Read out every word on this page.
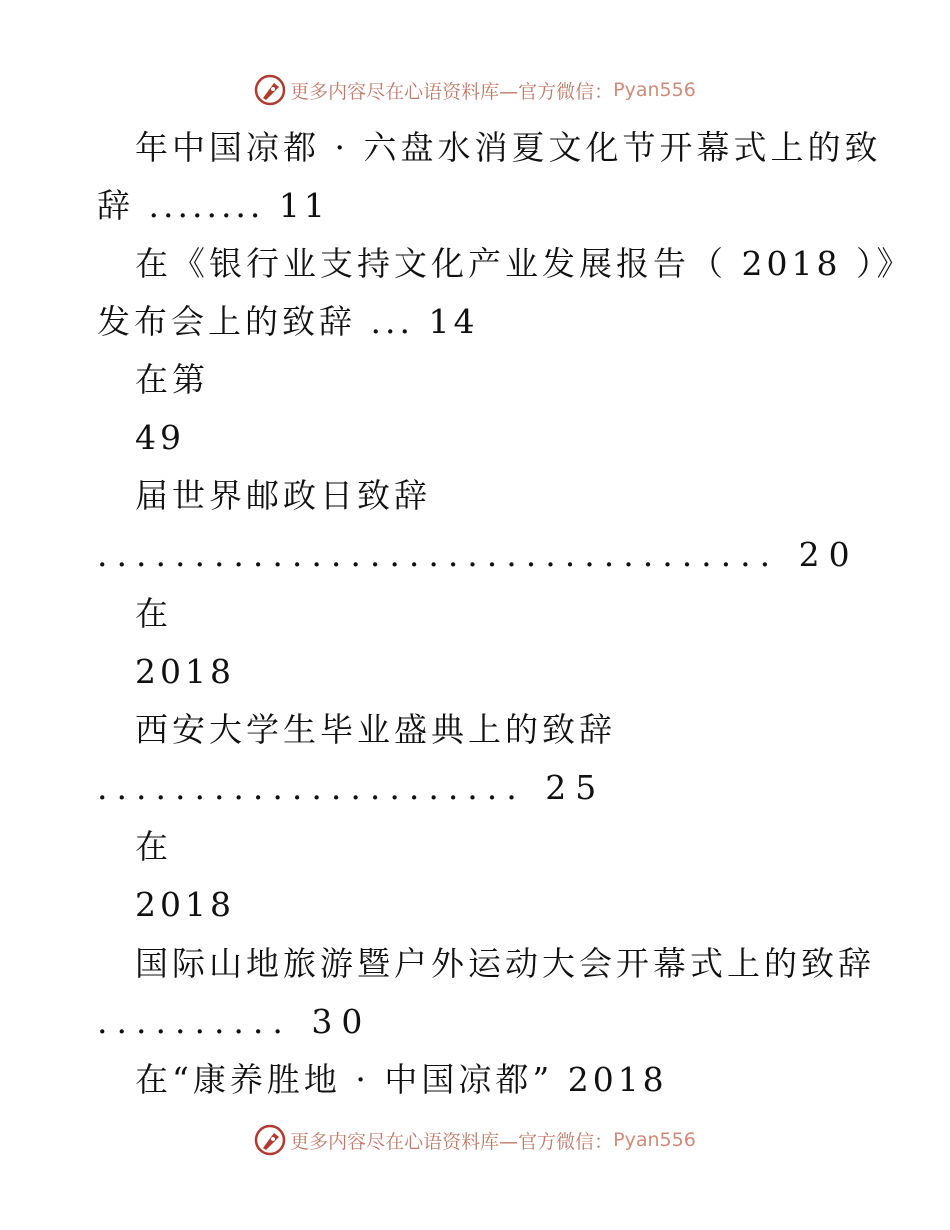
更多内容尽在心语资料库—官方微信： Pyan556
年中国凉都 · 六盘水消夏文化节开幕式上的致
辞 ........ 11
在《银行业支持文化产业发展报告（ 2018 ）》
发布会上的致辞 ... 14
在第
49
届世界邮政日致辞
................................... 20
在
2018
西安大学生毕业盛典上的致辞
...................... 25
在
2018
国际山地旅游暨户外运动大会开幕式上的致辞
.......... 30
在“康养胜地 · 中国凉都” 2018
更多内容尽在心语资料库—官方微信： Pyan556
